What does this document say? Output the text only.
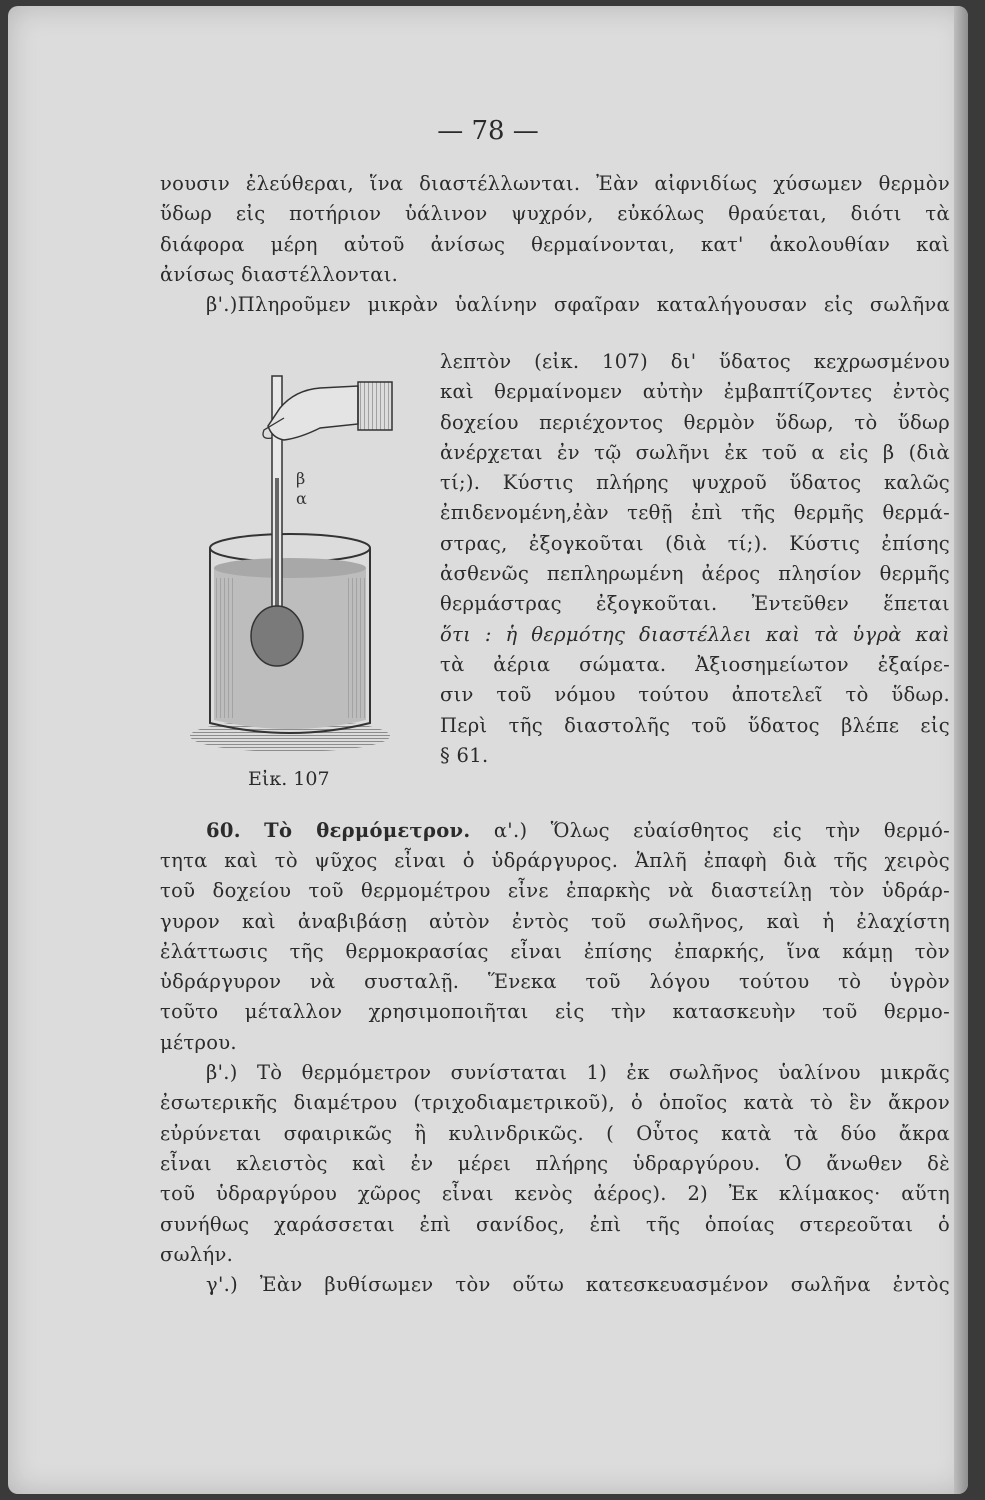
— 78 —
νουσιν ἐλεύθεραι, ἵνα διαστέλλωνται. Ἐὰν αἰφνιδίως χύσωμεν θερμὸν
ὕδωρ εἰς ποτήριον ὑάλινον ψυχρόν, εὐκόλως θραύεται, διότι τὰ
διάφορα μέρη αὐτοῦ ἀνίσως θερμαίνονται, κατ' ἀκολουθίαν καὶ
ἀνίσως διαστέλλονται.
β'.)Πληροῦμεν μικρὰν ὑαλίνην σφαῖραν καταλήγουσαν εἰς σωλῆνα
β
α
Εἰκ. 107
λεπτὸν (εἰκ. 107) δι' ὕδατος κεχρωσμένου
καὶ θερμαίνομεν αὐτὴν ἐμβαπτίζοντες ἐντὸς
δοχείου περιέχοντος θερμὸν ὕδωρ, τὸ ὕδωρ
ἀνέρχεται ἐν τῷ σωλῆνι ἐκ τοῦ α εἰς β (διὰ
τί;). Κύστις πλήρης ψυχροῦ ὕδατος καλῶς
ἐπιδενομένη,ἐὰν τεθῇ ἐπὶ τῆς θερμῆς θερμά-
στρας, ἐξογκοῦται (διὰ τί;). Κύστις ἐπίσης
ἀσθενῶς πεπληρωμένη ἀέρος πλησίον θερμῆς
θερμάστρας ἐξογκοῦται. Ἐντεῦθεν ἕπεται
ὅτι : ἡ θερμότης διαστέλλει καὶ τὰ ὑγρὰ καὶ
τὰ ἀέρια σώματα. Ἀξιοσημείωτον ἐξαίρε-
σιν τοῦ νόμου τούτου ἀποτελεῖ τὸ ὕδωρ.
Περὶ τῆς διαστολῆς τοῦ ὕδατος βλέπε εἰς
§ 61.
60. Τὸ θερμόμετρον. α'.) Ὅλως εὐαίσθητος εἰς τὴν θερμό-
τητα καὶ τὸ ψῦχος εἶναι ὁ ὑδράργυρος. Ἁπλῆ ἐπαφὴ διὰ τῆς χειρὸς
τοῦ δοχείου τοῦ θερμομέτρου εἶνε ἐπαρκὴς νὰ διαστείλῃ τὸν ὑδράρ-
γυρον καὶ ἀναβιβάσῃ αὐτὸν ἐντὸς τοῦ σωλῆνος, καὶ ἡ ἐλαχίστη
ἐλάττωσις τῆς θερμοκρασίας εἶναι ἐπίσης ἐπαρκής, ἵνα κάμῃ τὸν
ὑδράργυρον νὰ συσταλῇ. Ἕνεκα τοῦ λόγου τούτου τὸ ὑγρὸν
τοῦτο μέταλλον χρησιμοποιῆται εἰς τὴν κατασκευὴν τοῦ θερμο-
μέτρου.
β'.) Τὸ θερμόμετρον συνίσταται 1) ἐκ σωλῆνος ὑαλίνου μικρᾶς
ἐσωτερικῆς διαμέτρου (τριχοδιαμετρικοῦ), ὁ ὁποῖος κατὰ τὸ ἓν ἄκρον
εὐρύνεται σφαιρικῶς ἢ κυλινδρικῶς. ( Οὗτος κατὰ τὰ δύο ἄκρα
εἶναι κλειστὸς καὶ ἐν μέρει πλήρης ὑδραργύρου. Ὁ ἄνωθεν δὲ
τοῦ ὑδραργύρου χῶρος εἶναι κενὸς ἀέρος). 2) Ἐκ κλίμακος· αὕτη
συνήθως χαράσσεται ἐπὶ σανίδος, ἐπὶ τῆς ὁποίας στερεοῦται ὁ
σωλήν.
γ'.) Ἐὰν βυθίσωμεν τὸν οὕτω κατεσκευασμένον σωλῆνα ἐντὸς
